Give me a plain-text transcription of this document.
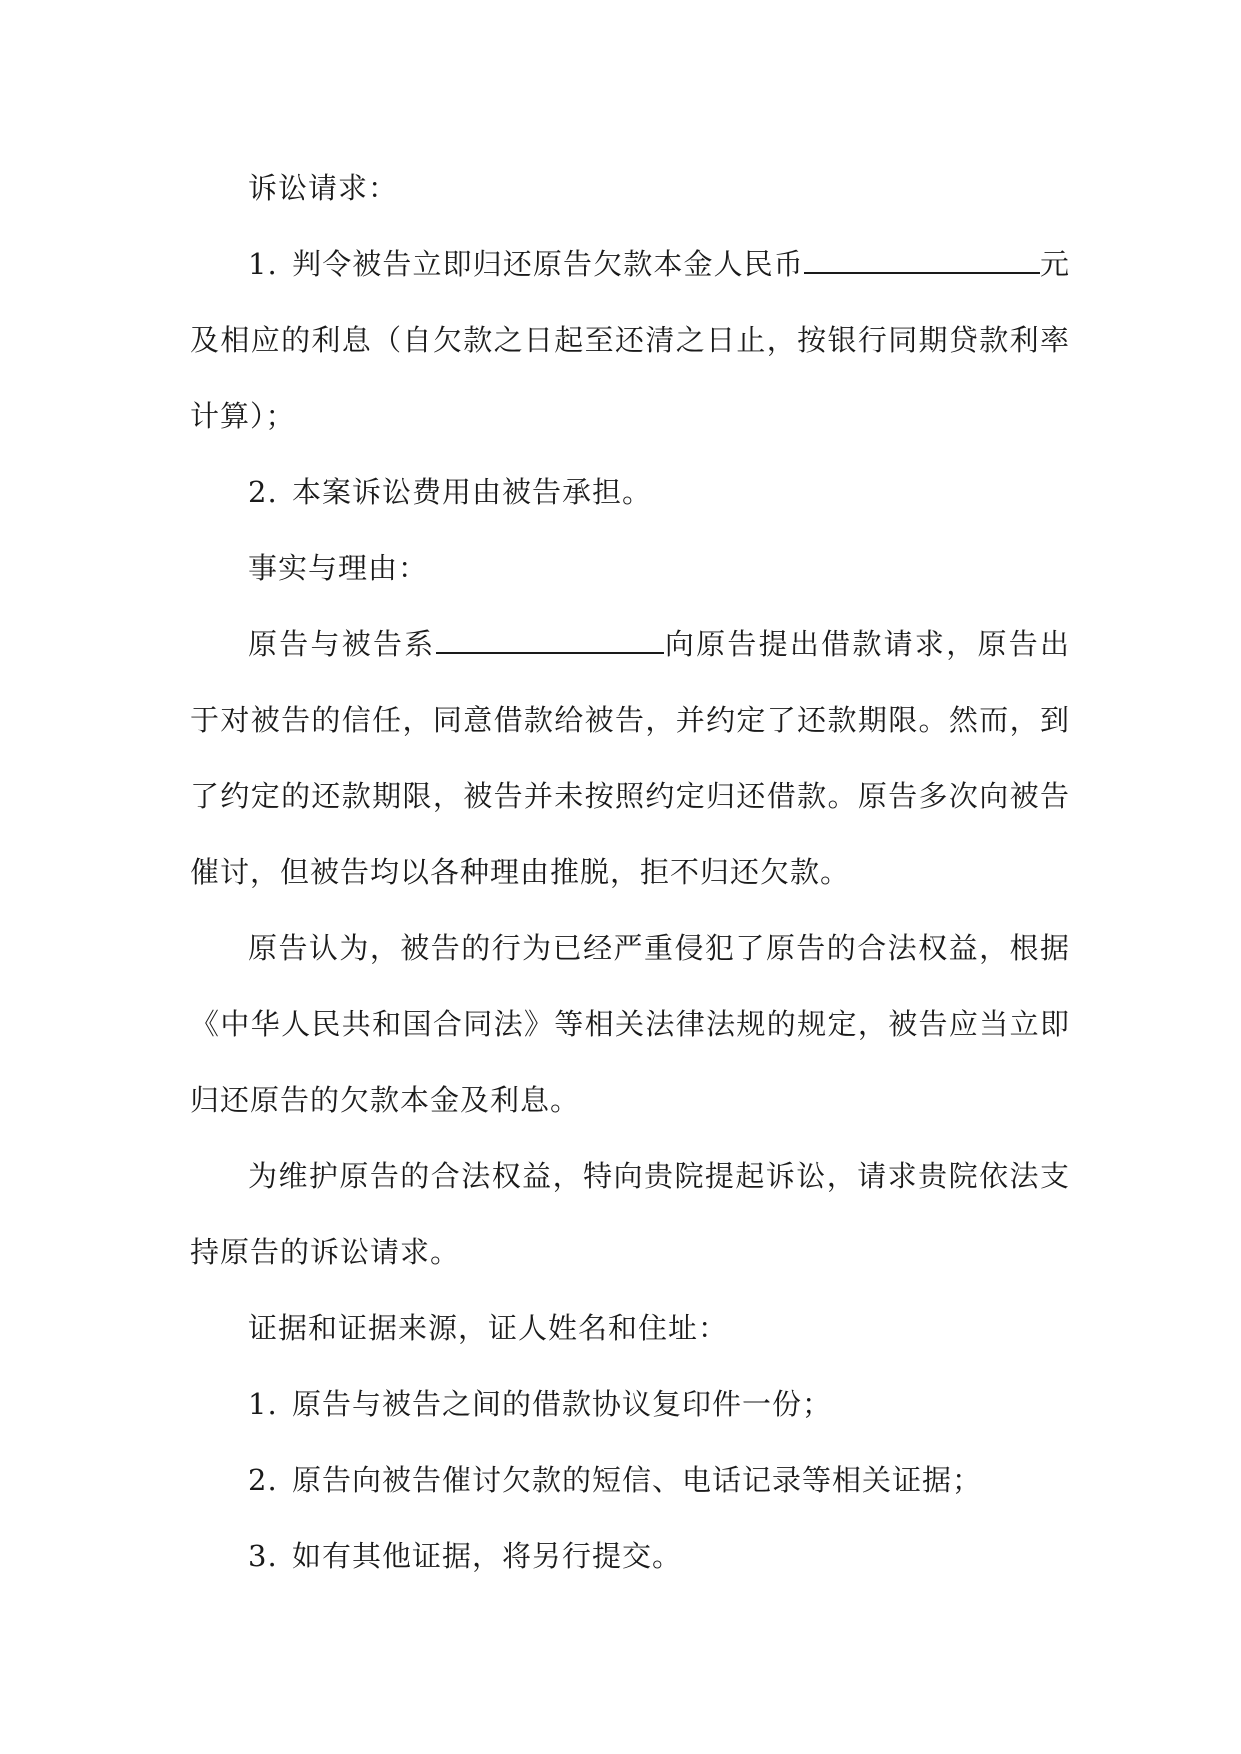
诉讼请求：

1. 判令被告立即归还原告欠款本金人民币	元及相应的利息（自欠款之日起至还清之日止，按银行同期贷款利率计算）；

2. 本案诉讼费用由被告承担。

事实与理由：

原告与被告系	向原告提出借款请求，原告出于对被告的信任，同意借款给被告，并约定了还款期限。然而，到了约定的还款期限，被告并未按照约定归还借款。原告多次向被告催讨，但被告均以各种理由推脱，拒不归还欠款。

原告认为，被告的行为已经严重侵犯了原告的合法权益，根据《中华人民共和国合同法》等相关法律法规的规定，被告应当立即归还原告的欠款本金及利息。

为维护原告的合法权益，特向贵院提起诉讼，请求贵院依法支持原告的诉讼请求。

证据和证据来源，证人姓名和住址：

1. 原告与被告之间的借款协议复印件一份；

2. 原告向被告催讨欠款的短信、电话记录等相关证据；

3. 如有其他证据，将另行提交。
